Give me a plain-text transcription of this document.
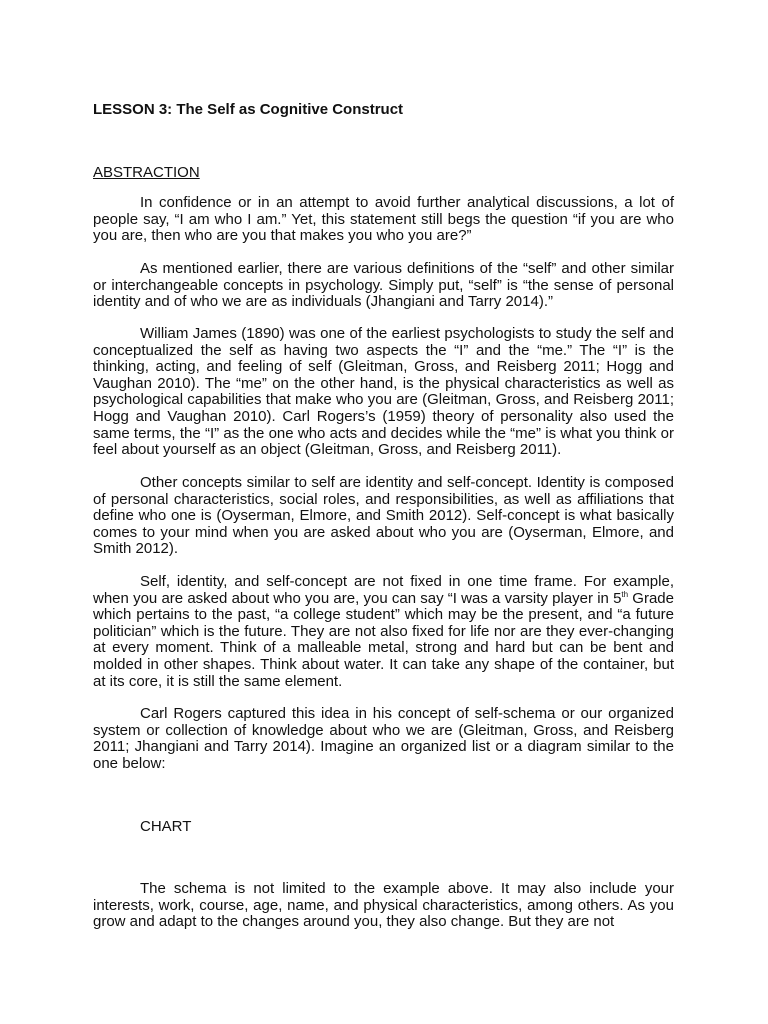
LESSON 3: The Self as Cognitive Construct
ABSTRACTION

In confidence or in an attempt to avoid further analytical discussions, a lot of people say, “I am who I am.” Yet, this statement still begs the question “if you are who you are, then who are you that makes you who you are?”

As mentioned earlier, there are various definitions of the “self” and other similar or interchangeable concepts in psychology. Simply put, “self” is “the sense of personal identity and of who we are as individuals (Jhangiani and Tarry 2014).”

William James (1890) was one of the earliest psychologists to study the self and conceptualized the self as having two aspects the “I” and the “me.” The “I” is the thinking, acting, and feeling of self (Gleitman, Gross, and Reisberg 2011; Hogg and Vaughan 2010). The “me” on the other hand, is the physical characteristics as well as psychological capabilities that make who you are (Gleitman, Gross, and Reisberg 2011; Hogg and Vaughan 2010). Carl Rogers’s (1959) theory of personality also used the same terms, the “I” as the one who acts and decides while the “me” is what you think or feel about yourself as an object (Gleitman, Gross, and Reisberg 2011).

Other concepts similar to self are identity and self-concept. Identity is composed of personal characteristics, social roles, and responsibilities, as well as affiliations that define who one is (Oyserman, Elmore, and Smith 2012). Self-concept is what basically comes to your mind when you are asked about who you are (Oyserman, Elmore, and Smith 2012).

Self, identity, and self-concept are not fixed in one time frame. For example, when you are asked about who you are, you can say “I was a varsity player in 5th Grade which pertains to the past, “a college student” which may be the present, and “a future politician” which is the future. They are not also fixed for life nor are they ever-changing at every moment. Think of a malleable metal, strong and hard but can be bent and molded in other shapes. Think about water. It can take any shape of the container, but at its core, it is still the same element.

Carl Rogers captured this idea in his concept of self-schema or our organized system or collection of knowledge about who we are (Gleitman, Gross, and Reisberg 2011; Jhangiani and Tarry 2014). Imagine an organized list or a diagram similar to the one below:

CHART

The schema is not limited to the example above. It may also include your interests, work, course, age, name, and physical characteristics, among others. As you grow and adapt to the changes around you, they also change. But they are not
